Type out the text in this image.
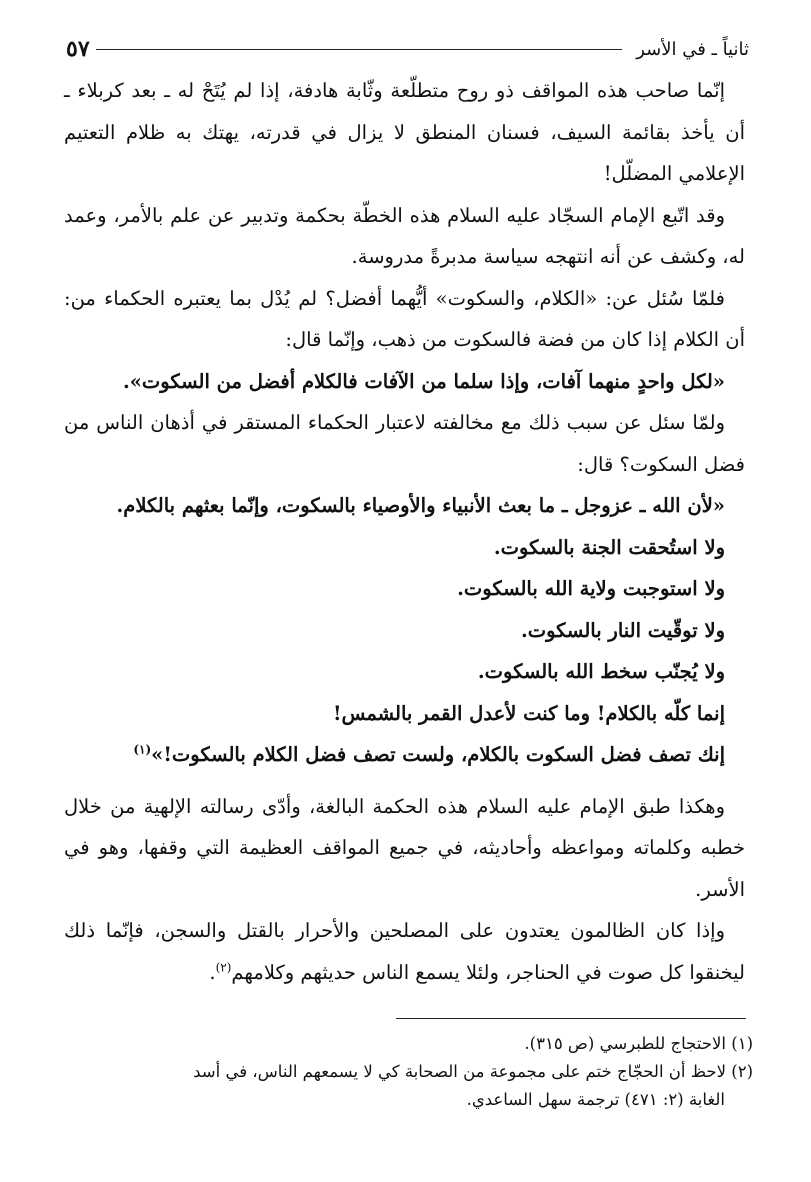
ثانياً ـ في الأسر
٥٧

إنّما صاحب هذه المواقف ذو روح متطلّعة وثّابة هادفة، إذا لم يُتَحْ له ـ بعد كربلاء ـ أن يأخذ بقائمة السيف، فسنان المنطق لا يزال في قدرته، يهتك به ظلام التعتيم الإعلامي المضلّل!

وقد اتّبع الإمام السجّاد عليه السلام هذه الخطّة بحكمة وتدبير عن علم بالأمر، وعمد له، وكشف عن أنه انتهجه سياسة مدبرةً مدروسة.

فلمّا سُئل عن: «الكلام، والسكوت» أيُّهما أفضل؟ لم يُدْل بما يعتبره الحكماء من: أن الكلام إذا كان من فضة فالسكوت من ذهب، وإنّما قال:

«لكل واحدٍ منهما آفات، وإذا سلما من الآفات فالكلام أفضل من السكوت».

ولمّا سئل عن سبب ذلك مع مخالفته لاعتبار الحكماء المستقر في أذهان الناس من فضل السكوت؟ قال:

«لأن الله ـ عزوجل ـ ما بعث الأنبياء والأوصياء بالسكوت، وإنّما بعثهم بالكلام.

ولا استُحقت الجنة بالسكوت.

ولا استوجبت ولاية الله بالسكوت.

ولا توقّيت النار بالسكوت.

ولا يُجنّب سخط الله بالسكوت.

إنما كلّه بالكلام! وما كنت لأعدل القمر بالشمس!

إنك تصف فضل السكوت بالكلام، ولست تصف فضل الكلام بالسكوت!»$^{(١)}$

وهكذا طبق الإمام عليه السلام هذه الحكمة البالغة، وأدّى رسالته الإلهية من خلال خطبه وكلماته ومواعظه وأحاديثه، في جميع المواقف العظيمة التي وقفها، وهو في الأسر.

وإذا كان الظالمون يعتدون على المصلحين والأحرار بالقتل والسجن، فإنّما ذلك ليخنقوا كل صوت في الحناجر، ولئلا يسمع الناس حديثهم وكلامهم$^{(٢)}$.

(١) الاحتجاج للطبرسي (ص ٣١٥).

(٢) لاحظ أن الحجّاج ختم على مجموعة من الصحابة كي لا يسمعهم الناس، في أسد

الغابة (٢: ٤٧١) ترجمة سهل الساعدي.
